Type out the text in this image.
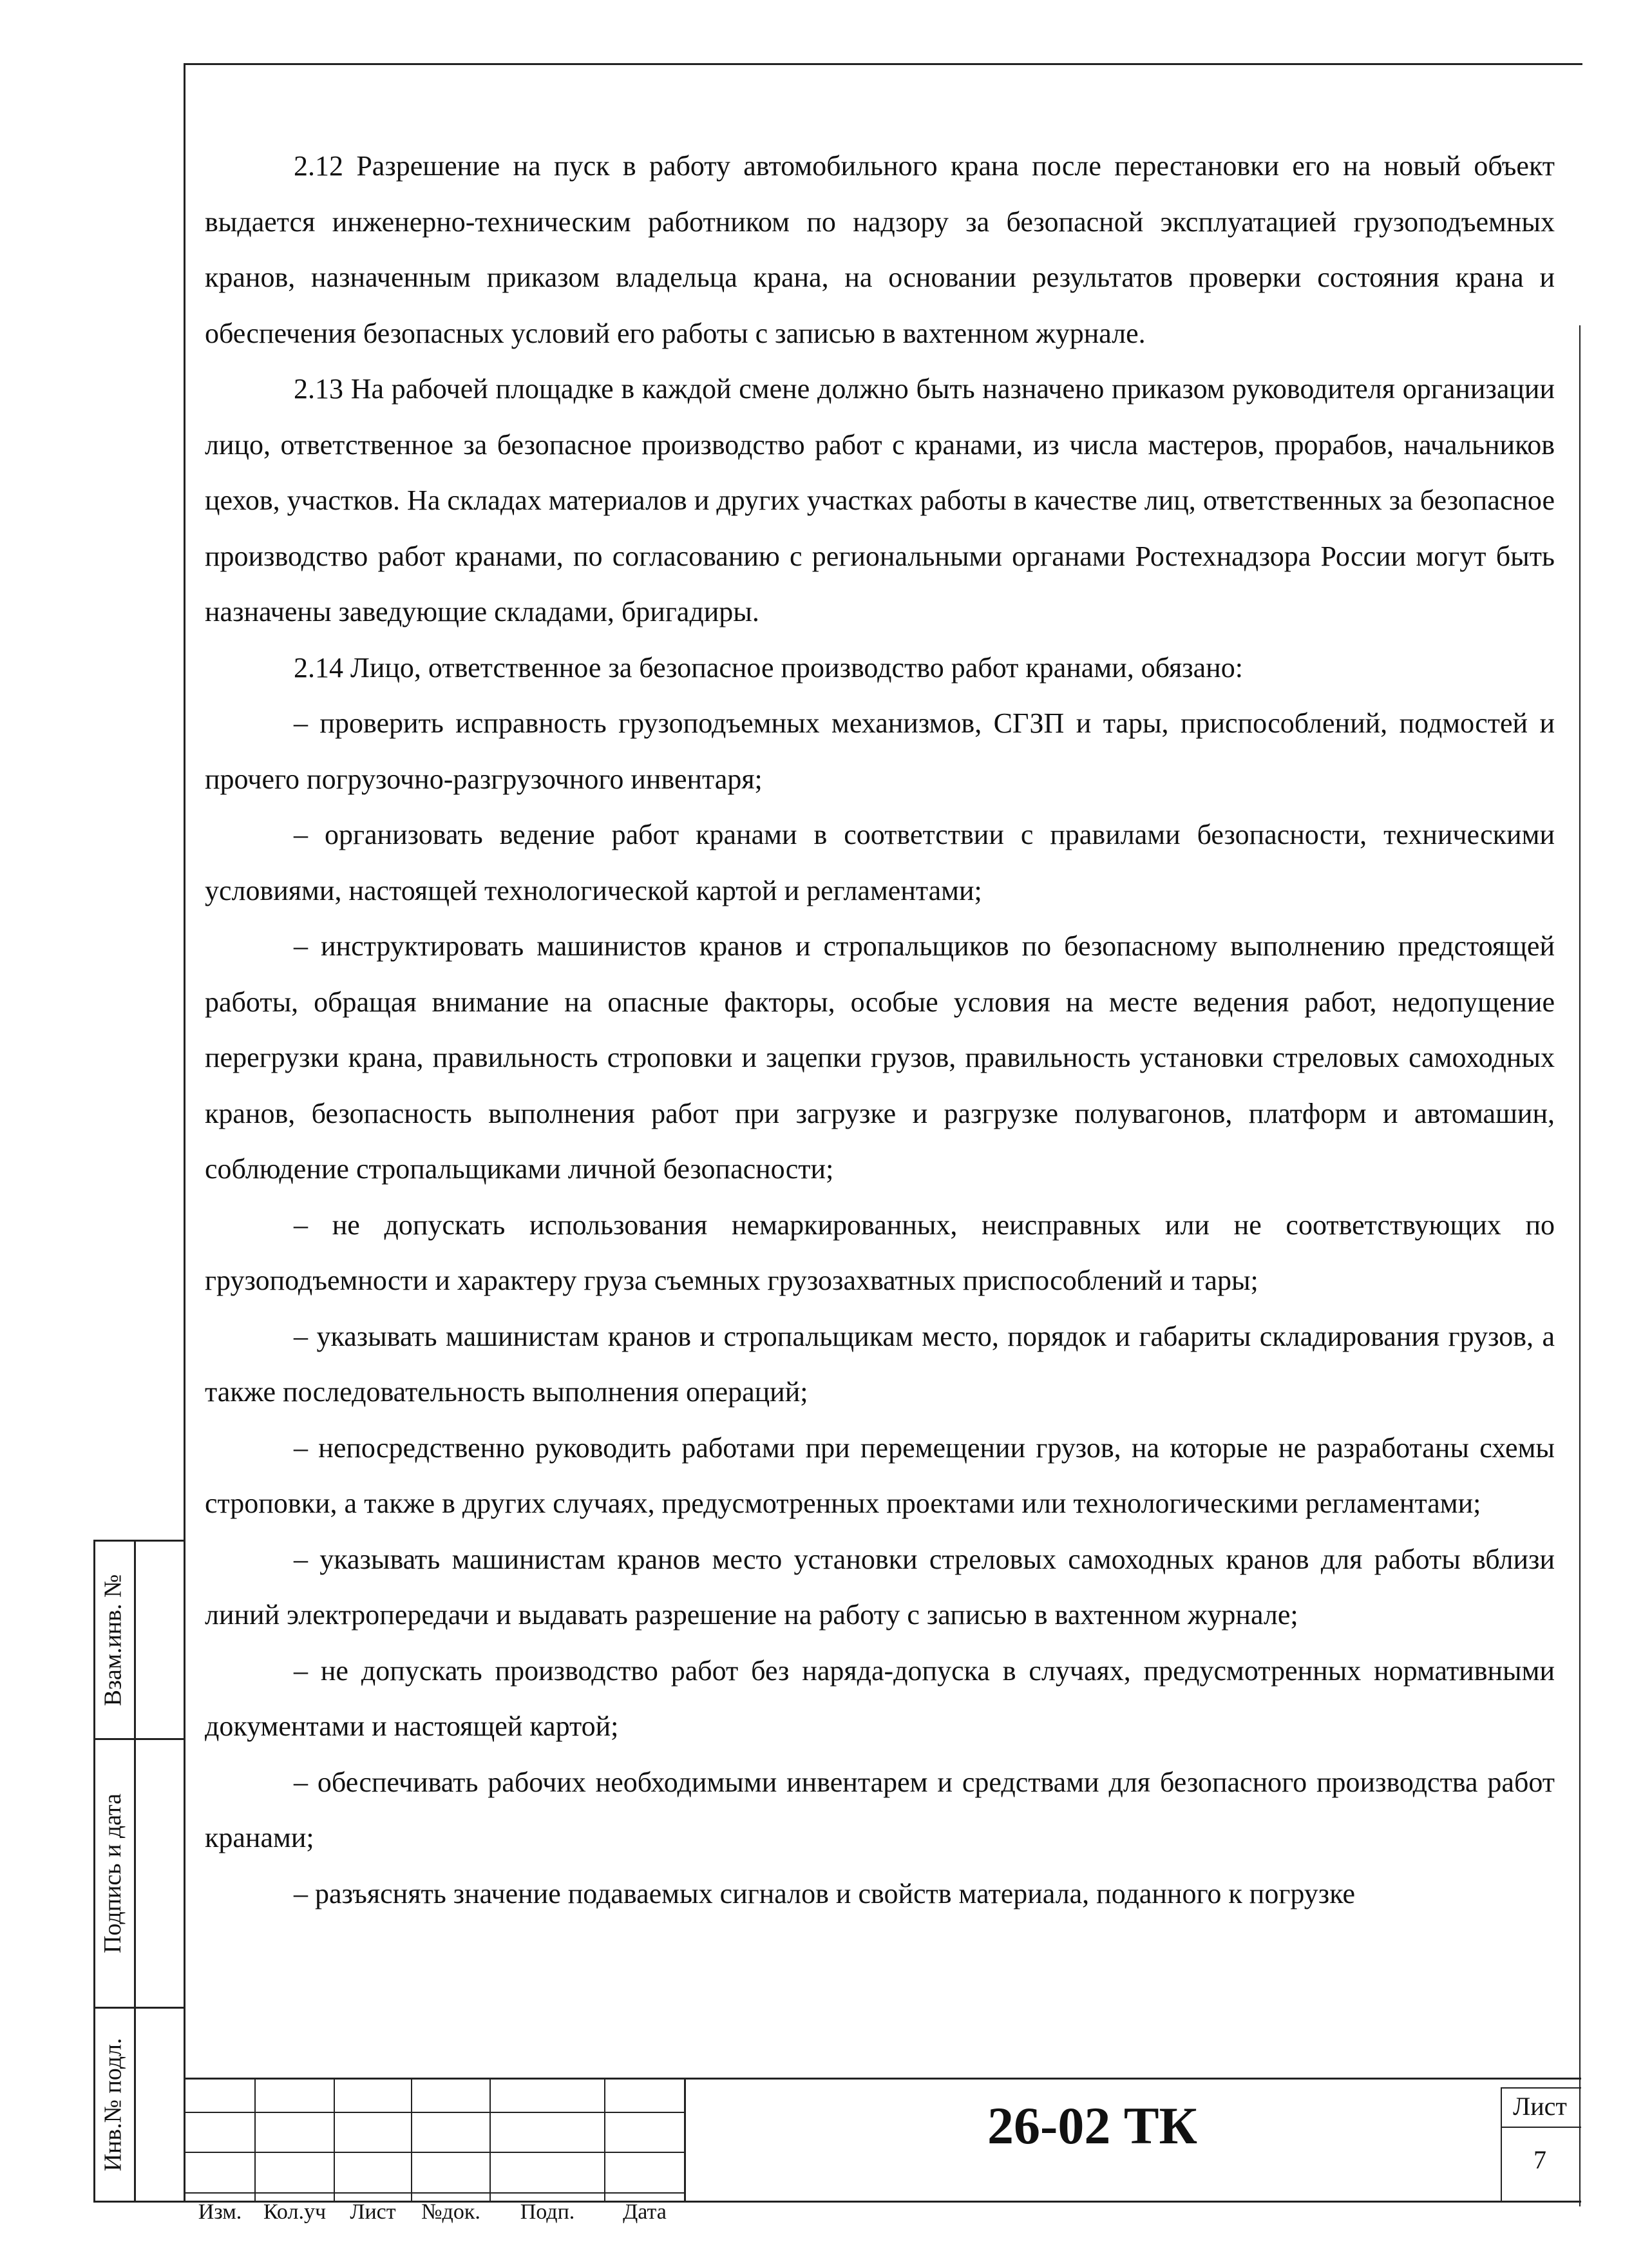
2.12 Разрешение на пуск в работу автомобильного крана после перестановки его на новый объект выдается инженерно-техническим работником по надзору за безопасной эксплуатацией грузоподъемных кранов, назначенным приказом владельца крана, на основании результатов проверки состояния крана и обеспечения безопасных условий его работы с записью в вахтенном журнале.

2.13 На рабочей площадке в каждой смене должно быть назначено приказом руководителя организации лицо, ответственное за безопасное производство работ с кранами, из числа мастеров, прорабов, начальников цехов, участков. На складах материалов и других участках работы в качестве лиц, ответственных за безопасное производство работ кранами, по согласованию с региональными органами Ростехнадзора России могут быть назначены заведующие складами, бригадиры.

2.14 Лицо, ответственное за безопасное производство работ кранами, обязано:

– проверить исправность грузоподъемных механизмов, СГЗП и тары, приспособлений, подмостей и прочего погрузочно-разгрузочного инвентаря;

– организовать ведение работ кранами в соответствии с правилами безопасности, техническими условиями, настоящей технологической картой и регламентами;

– инструктировать машинистов кранов и стропальщиков по безопасному выполнению предстоящей работы, обращая внимание на опасные факторы, особые условия на месте ведения работ, недопущение перегрузки крана, правильность строповки и зацепки грузов, правильность установки стреловых самоходных кранов, безопасность выполнения работ при загрузке и разгрузке полувагонов, платформ и автомашин, соблюдение стропальщиками личной безопасности;

– не допускать использования немаркированных, неисправных или не соответствующих по грузоподъемности и характеру груза съемных грузозахватных приспособлений и тары;

– указывать машинистам кранов и стропальщикам место, порядок и габариты складирования грузов, а также последовательность выполнения операций;

– непосредственно руководить работами при перемещении грузов, на которые не разработаны схемы строповки, а также в других случаях, предусмотренных проектами или технологическими регламентами;

– указывать машинистам кранов место установки стреловых самоходных кранов для работы вблизи линий электропередачи и выдавать разрешение на работу с записью в вахтенном журнале;

– не допускать производство работ без наряда-допуска в случаях, предусмотренных нормативными документами и настоящей картой;

– обеспечивать рабочих необходимыми инвентарем и средствами для безопасного производства работ кранами;

– разъяснять значение подаваемых сигналов и свойств материала, поданного к погрузке

Взам.инв. №
Подпись и дата
Инв.№ подл.
Изм. Кол.уч	Лист	№док.	Подп.	Дата
26-02 ТК	Лист
7
